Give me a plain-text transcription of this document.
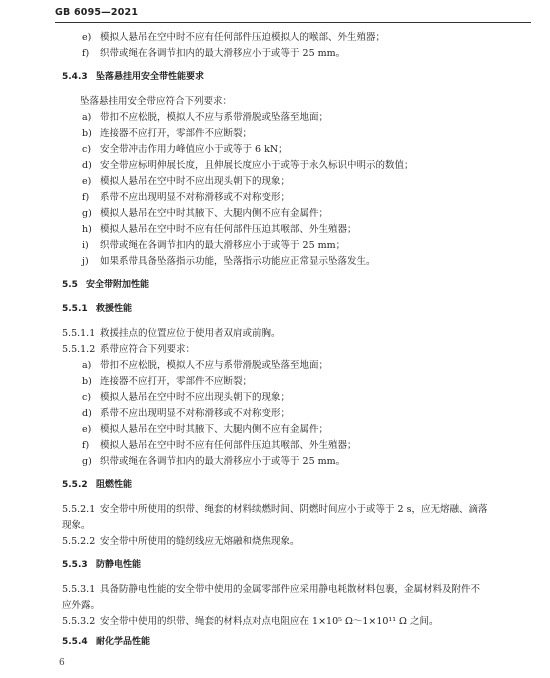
GB 6095—2021
e) 模拟人悬吊在空中时不应有任何部件压迫模拟人的喉部、外生殖器；
f) 织带或绳在各调节扣内的最大滑移应小于或等于 25 mm。
5.4.3 坠落悬挂用安全带性能要求
坠落悬挂用安全带应符合下列要求：
a) 带扣不应松脱，模拟人不应与系带滑脱或坠落至地面；
b) 连接器不应打开，零部件不应断裂；
c) 安全带冲击作用力峰值应小于或等于 6 kN；
d) 安全带应标明伸展长度，且伸展长度应小于或等于永久标识中明示的数值；
e) 模拟人悬吊在空中时不应出现头朝下的现象；
f) 系带不应出现明显不对称滑移或不对称变形；
g) 模拟人悬吊在空中时其腋下、大腿内侧不应有金属件；
h) 模拟人悬吊在空中时不应有任何部件压迫其喉部、外生殖器；
i) 织带或绳在各调节扣内的最大滑移应小于或等于 25 mm；
j) 如果系带具备坠落指示功能，坠落指示功能应正常显示坠落发生。
5.5 安全带附加性能
5.5.1 救援性能
5.5.1.1 救援挂点的位置应位于使用者双肩或前胸。
5.5.1.2 系带应符合下列要求：
a) 带扣不应松脱，模拟人不应与系带滑脱或坠落至地面；
b) 连接器不应打开，零部件不应断裂；
c) 模拟人悬吊在空中时不应出现头朝下的现象；
d) 系带不应出现明显不对称滑移或不对称变形；
e) 模拟人悬吊在空中时其腋下、大腿内侧不应有金属件；
f) 模拟人悬吊在空中时不应有任何部件压迫其喉部、外生殖器；
g) 织带或绳在各调节扣内的最大滑移应小于或等于 25 mm。
5.5.2 阻燃性能
5.5.2.1 安全带中所使用的织带、绳套的材料续燃时间、阴燃时间应小于或等于 2 s，应无熔融、滴落
现象。
5.5.2.2 安全带中所使用的缝纫线应无熔融和烧焦现象。
5.5.3 防静电性能
5.5.3.1 具备防静电性能的安全带中使用的金属零部件应采用静电耗散材料包裹，金属材料及附件不
应外露。
5.5.3.2 安全带中使用的织带、绳套的材料点对点电阻应在 1×10⁵ Ω～1×10¹¹ Ω 之间。
5.5.4 耐化学品性能
6
